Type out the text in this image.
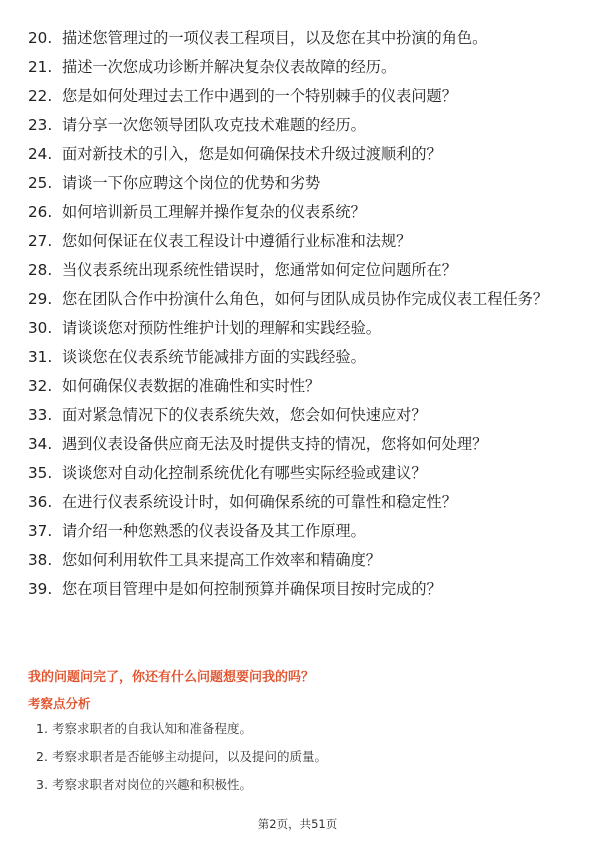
20. 描述您管理过的一项仪表工程项目，以及您在其中扮演的角色。
21. 描述一次您成功诊断并解决复杂仪表故障的经历。
22. 您是如何处理过去工作中遇到的一个特别棘手的仪表问题？
23. 请分享一次您领导团队攻克技术难题的经历。
24. 面对新技术的引入，您是如何确保技术升级过渡顺利的？
25. 请谈一下你应聘这个岗位的优势和劣势
26. 如何培训新员工理解并操作复杂的仪表系统？
27. 您如何保证在仪表工程设计中遵循行业标准和法规？
28. 当仪表系统出现系统性错误时，您通常如何定位问题所在？
29. 您在团队合作中扮演什么角色，如何与团队成员协作完成仪表工程任务？
30. 请谈谈您对预防性维护计划的理解和实践经验。
31. 谈谈您在仪表系统节能减排方面的实践经验。
32. 如何确保仪表数据的准确性和实时性？
33. 面对紧急情况下的仪表系统失效，您会如何快速应对？
34. 遇到仪表设备供应商无法及时提供支持的情况，您将如何处理？
35. 谈谈您对自动化控制系统优化有哪些实际经验或建议？
36. 在进行仪表系统设计时，如何确保系统的可靠性和稳定性？
37. 请介绍一种您熟悉的仪表设备及其工作原理。
38. 您如何利用软件工具来提高工作效率和精确度？
39. 您在项目管理中是如何控制预算并确保项目按时完成的？
我的问题问完了，你还有什么问题想要问我的吗？
考察点分析
1. 考察求职者的自我认知和准备程度。
2. 考察求职者是否能够主动提问，以及提问的质量。
3. 考察求职者对岗位的兴趣和积极性。
第2页，共51页
